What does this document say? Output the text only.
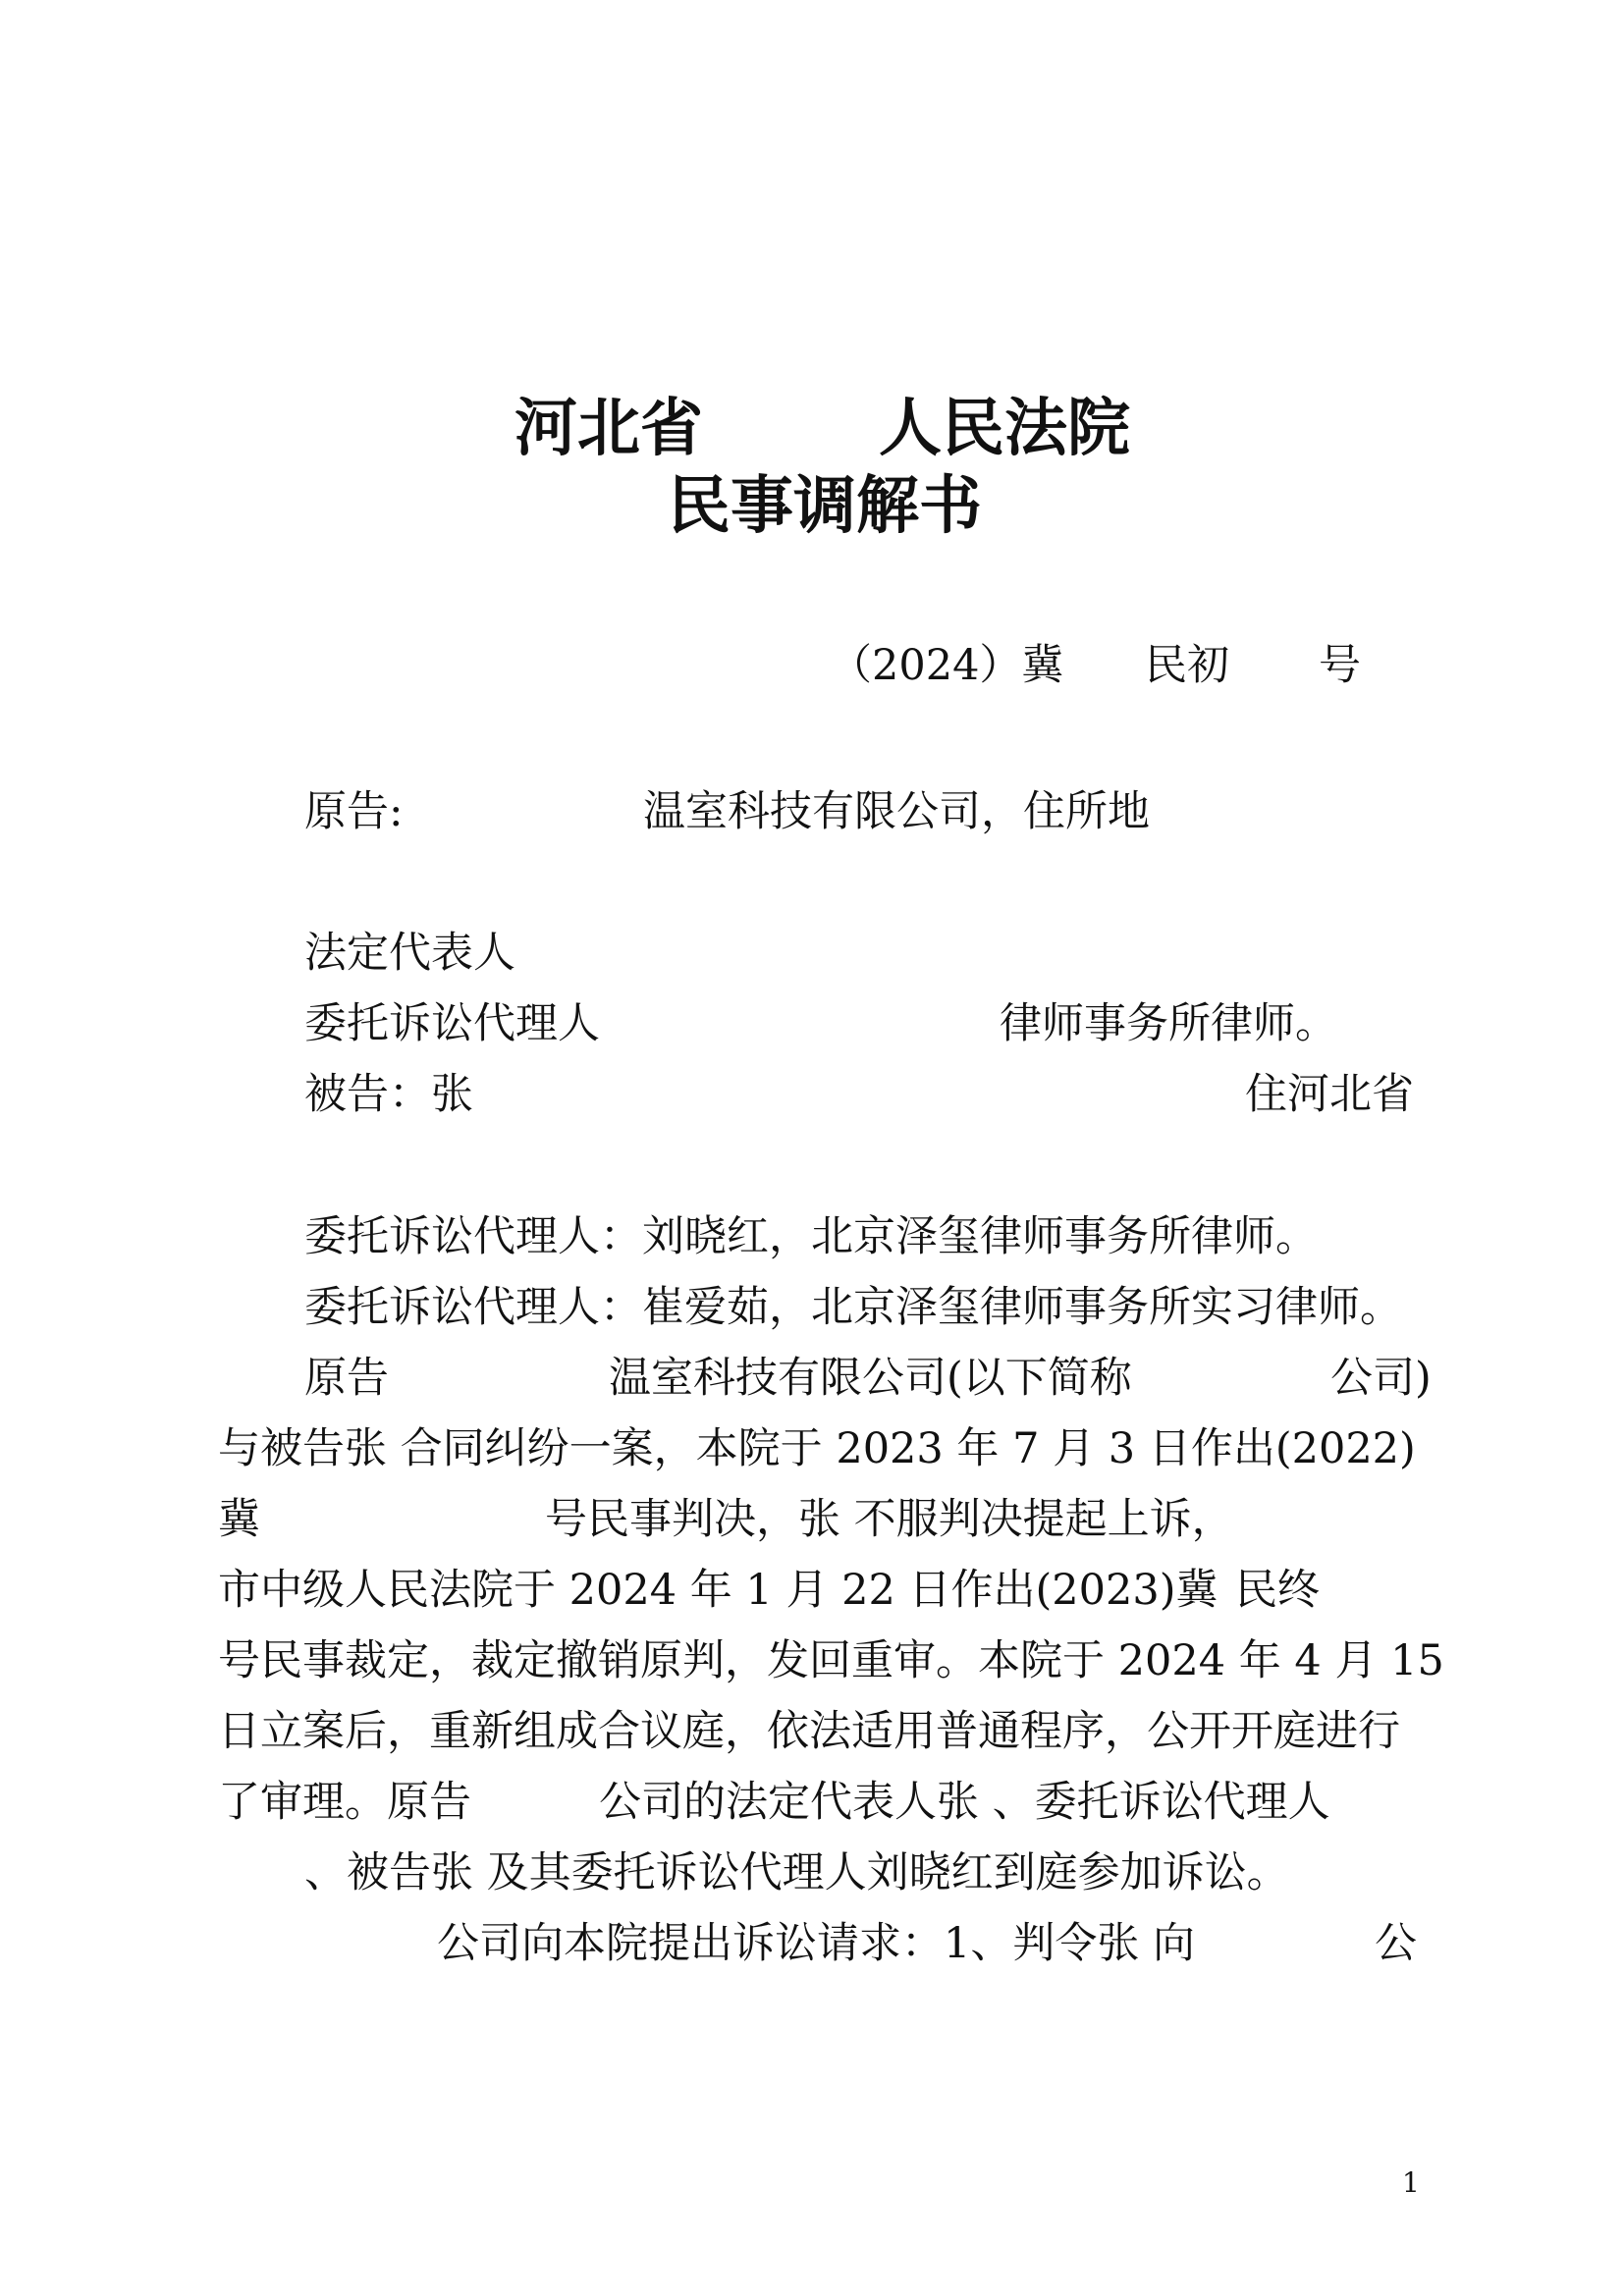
河北省	人民法院
民事调解书
（2024）冀 民初 号
原告:	温室科技有限公司，住所地
法定代表人
委托诉讼代理人	律师事务所律师。
被告：张	住河北省
委托诉讼代理人：刘晓红，北京泽玺律师事务所律师。
委托诉讼代理人：崔爱茹，北京泽玺律师事务所实习律师。
原告	温室科技有限公司(以下简称	公司)
与被告张 合同纠纷一案，本院于 2023 年 7 月 3 日作出(2022)
冀	号民事判决，张 不服判决提起上诉，
市中级人民法院于 2024 年 1 月 22 日作出(2023)冀 民终
号民事裁定，裁定撤销原判，发回重审。本院于 2024 年 4 月 15
日立案后，重新组成合议庭，依法适用普通程序，公开开庭进行
了审理。原告	公司的法定代表人张 、委托诉讼代理人
、被告张 及其委托诉讼代理人刘晓红到庭参加诉讼。
公司向本院提出诉讼请求：1、判令张 向	公
1
